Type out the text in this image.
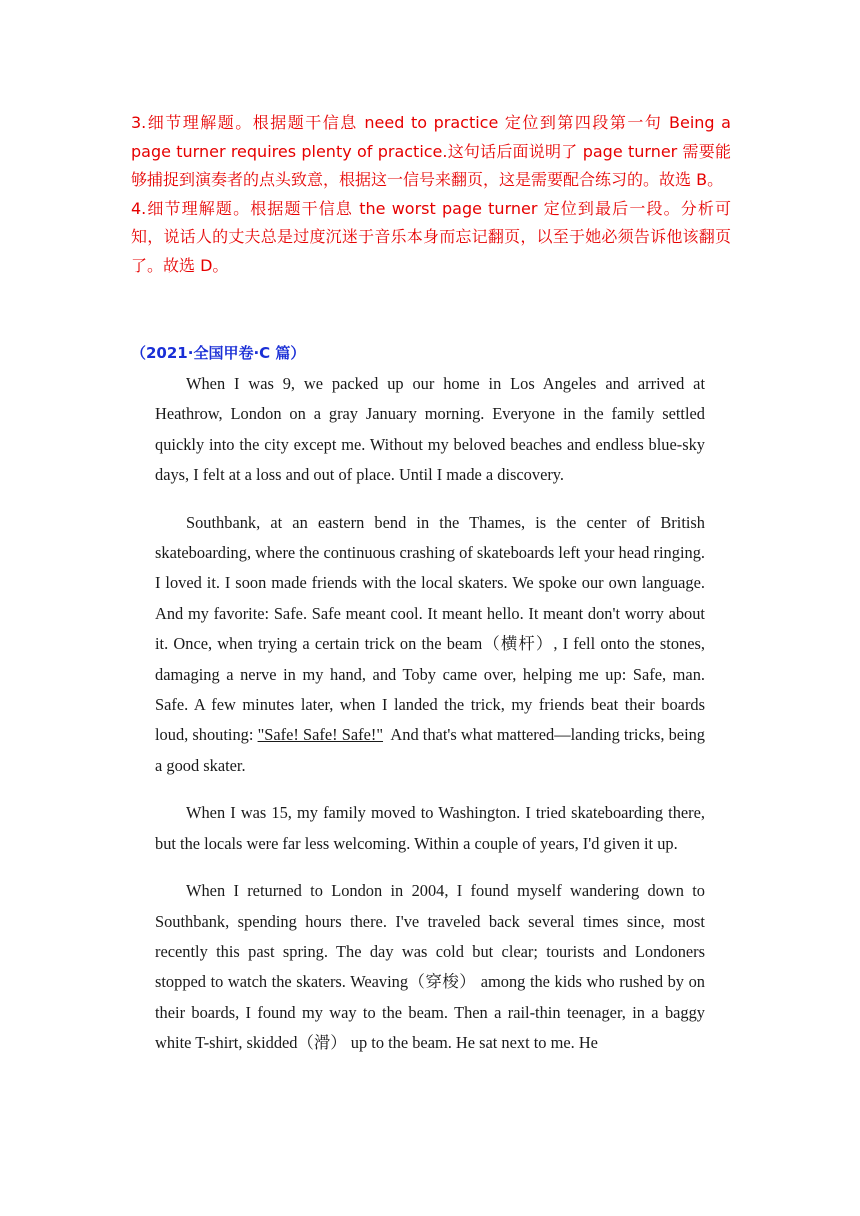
3.细节理解题。根据题干信息 need to practice 定位到第四段第一句 Being a page turner requires plenty of practice.这句话后面说明了 page turner 需要能够捕捉到演奏者的点头致意，根据这一信号来翻页，这是需要配合练习的。故选 B。

4.细节理解题。根据题干信息 the worst page turner 定位到最后一段。分析可知，说话人的丈夫总是过度沉迷于音乐本身而忘记翻页，以至于她必须告诉他该翻页了。故选 D。

（2021·全国甲卷·C 篇）

When I was 9, we packed up our home in Los Angeles and arrived at Heathrow, London on a gray January morning. Everyone in the family settled quickly into the city except me. Without my beloved beaches and endless blue-sky days, I felt at a loss and out of place. Until I made a discovery.

Southbank, at an eastern bend in the Thames, is the center of British skateboarding, where the continuous crashing of skateboards left your head ringing. I loved it. I soon made friends with the local skaters. We spoke our own language. And my favorite: Safe. Safe meant cool. It meant hello. It meant don't worry about it. Once, when trying a certain trick on the beam（横杆）, I fell onto the stones, damaging a nerve in my hand, and Toby came over, helping me up: Safe, man. Safe. A few minutes later, when I landed the trick, my friends beat their boards loud, shouting: "Safe! Safe! Safe!"  And that's what mattered—landing tricks, being a good skater.

When I was 15, my family moved to Washington. I tried skateboarding there, but the locals were far less welcoming. Within a couple of years, I'd given it up.

When I returned to London in 2004, I found myself wandering down to Southbank, spending hours there. I've traveled back several times since, most recently this past spring. The day was cold but clear; tourists and Londoners stopped to watch the skaters. Weaving（穿梭） among the kids who rushed by on their boards, I found my way to the beam. Then a rail-thin teenager, in a baggy white T-shirt, skidded（滑） up to the beam. He sat next to me. He
